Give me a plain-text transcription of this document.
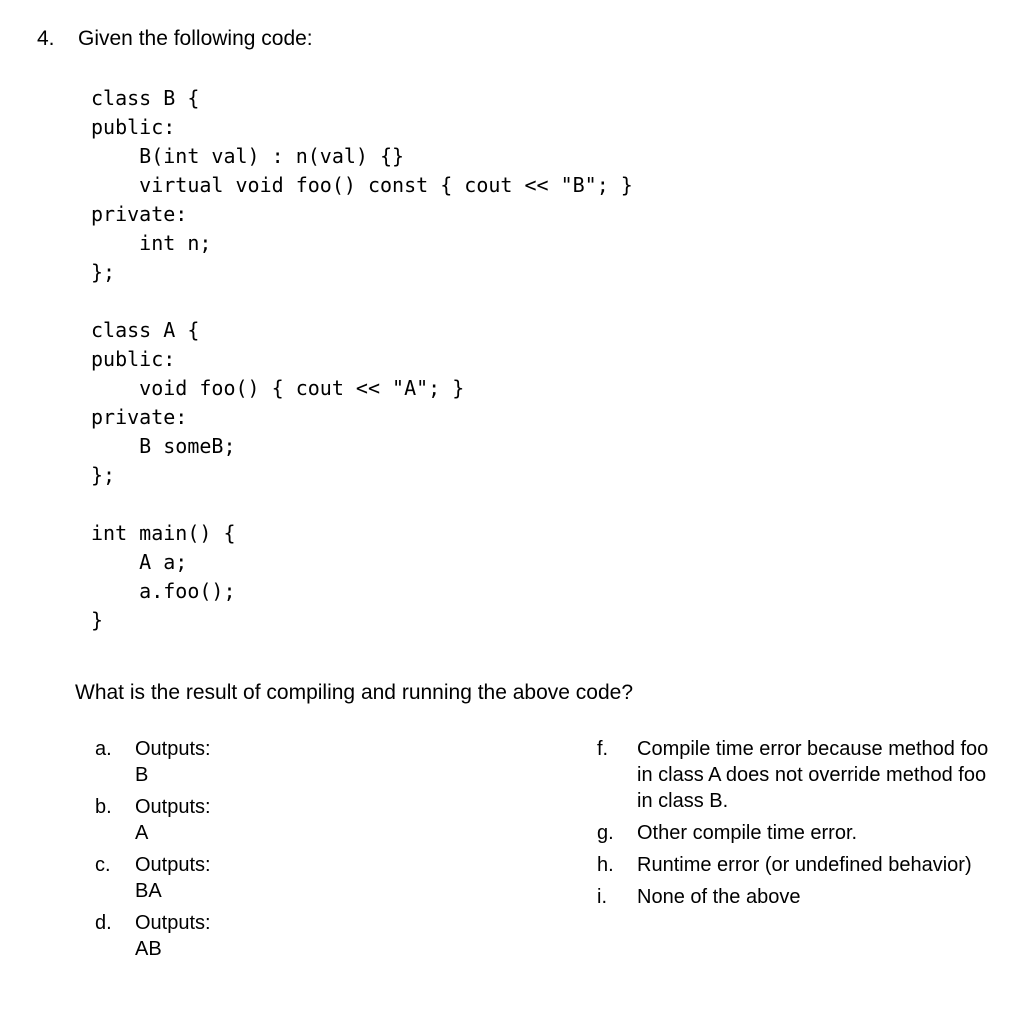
4. Given the following code:
class B {
public:
B(int val) : n(val) {}
virtual void foo() const { cout << "B"; }
private:
int n;
};
class A {
public:
void foo() { cout << "A"; }
private:
B someB;
};
int main() {
A a;
a.foo();
}
What is the result of compiling and running the above code?
a.	Outputs:
B
b.	Outputs:
A
c.	Outputs:
BA
d.	Outputs:
AB
f.	Compile time error because method foo in class A does not override method foo in class B.
g.	Other compile time error.
h.	Runtime error (or undefined behavior)
i.	None of the above
